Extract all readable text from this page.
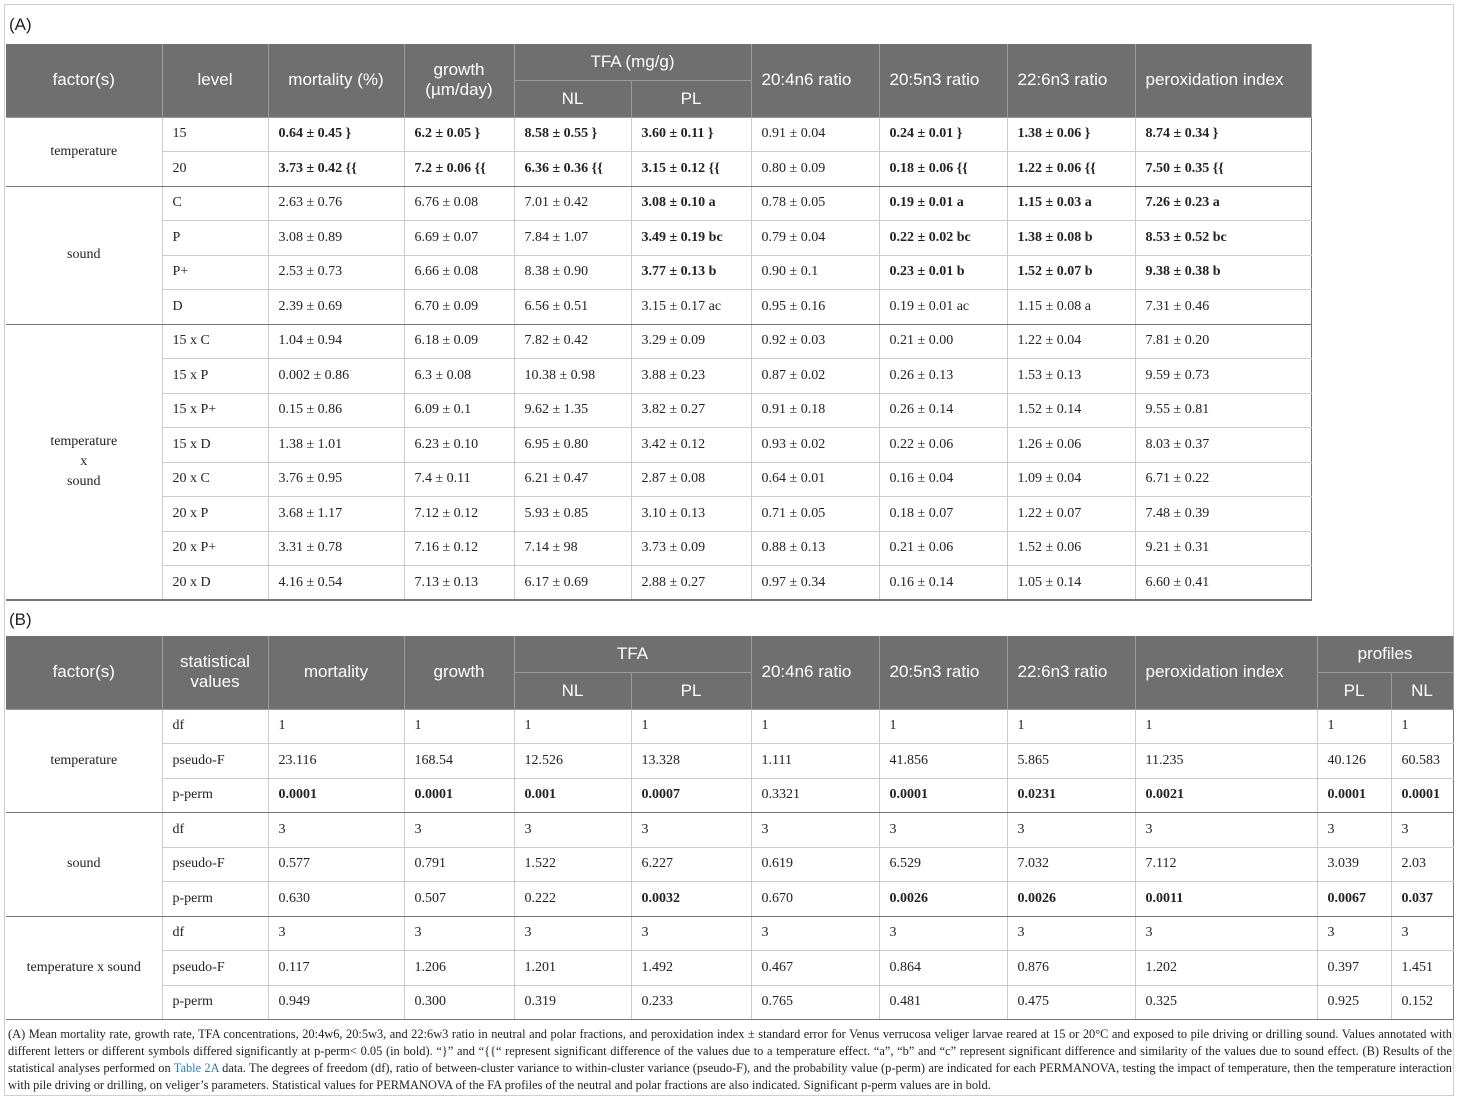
(A)
factor(s)	level	mortality (%)	growth (µm/day)	TFA (mg/g)		20:4n6 ratio	20:5n3 ratio	22:6n3 ratio	peroxidation index
				NL	PL				
temperature	15	0.64 ± 0.45 }	6.2 ± 0.05 }	8.58 ± 0.55 }	3.60 ± 0.11 }	0.91 ± 0.04	0.24 ± 0.01 }	1.38 ± 0.06 }	8.74 ± 0.34 }
	20	3.73 ± 0.42 {{	7.2 ± 0.06 {{	6.36 ± 0.36 {{	3.15 ± 0.12 {{	0.80 ± 0.09	0.18 ± 0.06 {{	1.22 ± 0.06 {{	7.50 ± 0.35 {{
sound	C	2.63 ± 0.76	6.76 ± 0.08	7.01 ± 0.42	3.08 ± 0.10 a	0.78 ± 0.05	0.19 ± 0.01 a	1.15 ± 0.03 a	7.26 ± 0.23 a
	P	3.08 ± 0.89	6.69 ± 0.07	7.84 ± 1.07	3.49 ± 0.19 bc	0.79 ± 0.04	0.22 ± 0.02 bc	1.38 ± 0.08 b	8.53 ± 0.52 bc
	P+	2.53 ± 0.73	6.66 ± 0.08	8.38 ± 0.90	3.77 ± 0.13 b	0.90 ± 0.1	0.23 ± 0.01 b	1.52 ± 0.07 b	9.38 ± 0.38 b
	D	2.39 ± 0.69	6.70 ± 0.09	6.56 ± 0.51	3.15 ± 0.17 ac	0.95 ± 0.16	0.19 ± 0.01 ac	1.15 ± 0.08 a	7.31 ± 0.46

temperature
x
sound	15 x C	1.04 ± 0.94	6.18 ± 0.09	7.82 ± 0.42	3.29 ± 0.09	0.92 ± 0.03	0.21 ± 0.00	1.22 ± 0.04	7.81 ± 0.20
	15 x P	0.002 ± 0.86	6.3 ± 0.08	10.38 ± 0.98	3.88 ± 0.23	0.87 ± 0.02	0.26 ± 0.13	1.53 ± 0.13	9.59 ± 0.73
	15 x P+	0.15 ± 0.86	6.09 ± 0.1	9.62 ± 1.35	3.82 ± 0.27	0.91 ± 0.18	0.26 ± 0.14	1.52 ± 0.14	9.55 ± 0.81
	15 x D	1.38 ± 1.01	6.23 ± 0.10	6.95 ± 0.80	3.42 ± 0.12	0.93 ± 0.02	0.22 ± 0.06	1.26 ± 0.06	8.03 ± 0.37
	20 x C	3.76 ± 0.95	7.4 ± 0.11	6.21 ± 0.47	2.87 ± 0.08	0.64 ± 0.01	0.16 ± 0.04	1.09 ± 0.04	6.71 ± 0.22
	20 x P	3.68 ± 1.17	7.12 ± 0.12	5.93 ± 0.85	3.10 ± 0.13	0.71 ± 0.05	0.18 ± 0.07	1.22 ± 0.07	7.48 ± 0.39
	20 x P+	3.31 ± 0.78	7.16 ± 0.12	7.14 ± 98	3.73 ± 0.09	0.88 ± 0.13	0.21 ± 0.06	1.52 ± 0.06	9.21 ± 0.31
	20 x D	4.16 ± 0.54	7.13 ± 0.13	6.17 ± 0.69	2.88 ± 0.27	0.97 ± 0.34	0.16 ± 0.14	1.05 ± 0.14	6.60 ± 0.41
(B)
factor(s)	statistical values	mortality	growth	TFA		20:4n6 ratio	20:5n3 ratio	22:6n3 ratio	peroxidation index	profiles	
				NL	PL					PL	NL
temperature	df	1	1	1	1	1	1	1	1	1	1
	pseudo-F	23.116	168.54	12.526	13.328	1.111	41.856	5.865	11.235	40.126	60.583
	p-perm	0.0001	0.0001	0.001	0.0007	0.3321	0.0001	0.0231	0.0021	0.0001	0.0001
sound	df	3	3	3	3	3	3	3	3	3	3
	pseudo-F	0.577	0.791	1.522	6.227	0.619	6.529	7.032	7.112	3.039	2.03
	p-perm	0.630	0.507	0.222	0.0032	0.670	0.0026	0.0026	0.0011	0.0067	0.037
temperature x sound	df	3	3	3	3	3	3	3	3	3	3
	pseudo-F	0.117	1.206	1.201	1.492	0.467	0.864	0.876	1.202	0.397	1.451
	p-perm	0.949	0.300	0.319	0.233	0.765	0.481	0.475	0.325	0.925	0.152
(A) Mean mortality rate, growth rate, TFA concentrations, 20:4w6, 20:5w3, and 22:6w3 ratio in neutral and polar fractions, and peroxidation index ± standard error for Venus verrucosa veliger larvae reared at 15 or 20°C and exposed to pile driving or drilling sound. Values annotated with different letters or different symbols differed significantly at p-perm< 0.05 (in bold). “}” and “{{“ represent significant difference of the values due to a temperature effect. “a”, “b” and “c” represent significant difference and similarity of the values due to sound effect. (B) Results of the statistical analyses performed on Table 2A data. The degrees of freedom (df), ratio of between-cluster variance to within-cluster variance (pseudo-F), and the probability value (p-perm) are indicated for each PERMANOVA, testing the impact of temperature, then the temperature interaction with pile driving or drilling, on veliger’s parameters. Statistical values for PERMANOVA of the FA profiles of the neutral and polar fractions are also indicated. Significant p-perm values are in bold.
